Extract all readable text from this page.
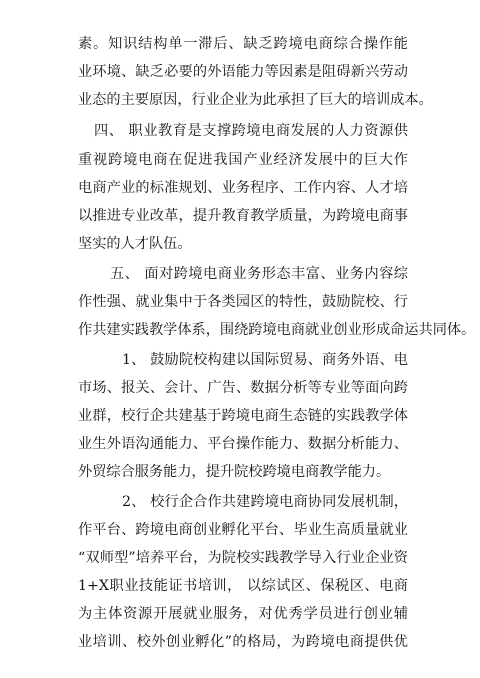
素。知识结构单一滞后、缺乏跨境电商综合操作能
业环境、缺乏必要的外语能力等因素是阻碍新兴劳动
业态的主要原因，行业企业为此承担了巨大的培训成本。
四、 职业教育是支撑跨境电商发展的人力资源供
重视跨境电商在促进我国产业经济发展中的巨大作
电商产业的标准规划、业务程序、工作内容、人才培
以推进专业改革，提升教育教学质量，为跨境电商事
坚实的人才队伍。
五、 面对跨境电商业务形态丰富、业务内容综
作性强、就业集中于各类园区的特性，鼓励院校、行
作共建实践教学体系，围绕跨境电商就业创业形成命运共同体。
1、 鼓励院校构建以国际贸易、商务外语、电
市场、报关、会计、广告、数据分析等专业等面向跨
业群，校行企共建基于跨境电商生态链的实践教学体
业生外语沟通能力、平台操作能力、数据分析能力、
外贸综合服务能力，提升院校跨境电商教学能力。
2、 校行企合作共建跨境电商协同发展机制，
作平台、跨境电商创业孵化平台、毕业生高质量就业
“双师型”培养平台，为院校实践教学导入行业企业资
1+X职业技能证书培训， 以综试区、保税区、电商
为主体资源开展就业服务，对优秀学员进行创业辅
业培训、校外创业孵化”的格局，为跨境电商提供优
